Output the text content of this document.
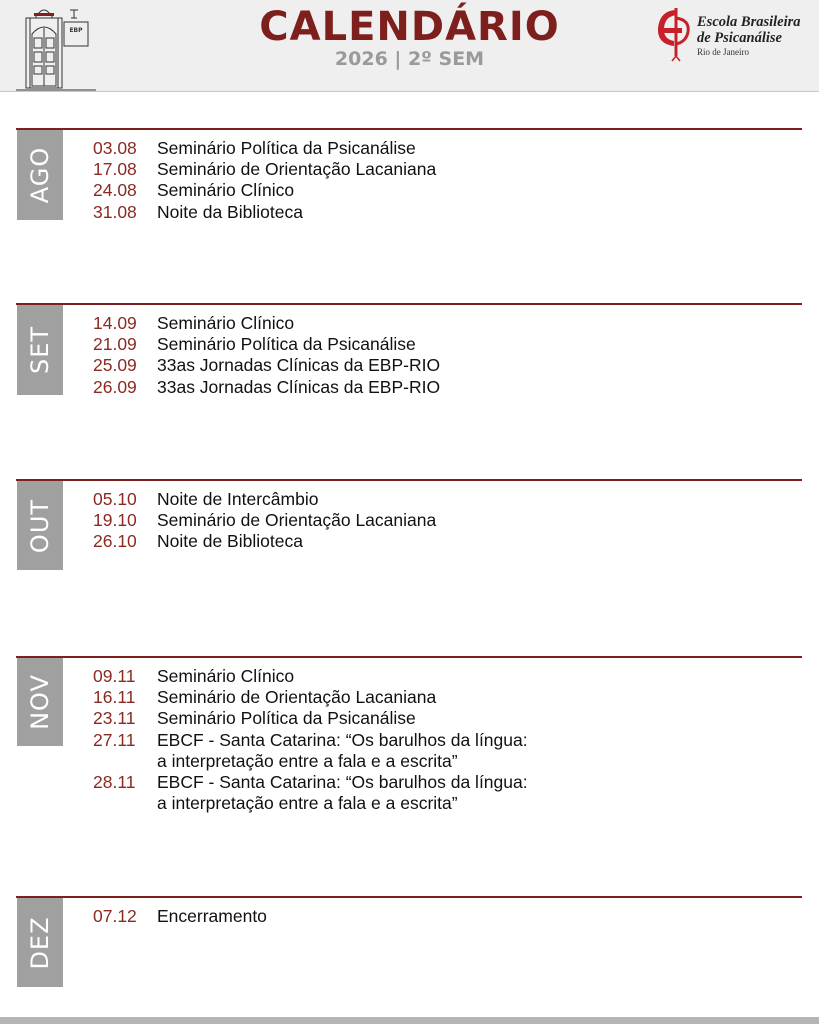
EBP	CALENDÁRIO
2026 | 2º SEM
Escola Brasileira
de Psicanálise
Rio de Janeiro
AGO 03.08	Seminário Política da Psicanálise
17.08	Seminário de Orientação Lacaniana
24.08	Seminário Clínico
31.08	Noite da Biblioteca
SET
14.09	Seminário Clínico
21.09	Seminário Política da Psicanálise
25.09	33as Jornadas Clínicas da EBP-RIO
26.09	33as Jornadas Clínicas da EBP-RIO
OUT 05.10	Noite de Intercâmbio
19.10	Seminário de Orientação Lacaniana
26.10	Noite de Biblioteca
NOV 09.11	Seminário Clínico
16.11	Seminário de Orientação Lacaniana
23.11	Seminário Política da Psicanálise
27.11	EBCF - Santa Catarina: “Os barulhos da língua:
a interpretação entre a fala e a escrita”
28.11	EBCF - Santa Catarina: “Os barulhos da língua:
a interpretação entre a fala e a escrita”
DEZ 07.12	Encerramento
